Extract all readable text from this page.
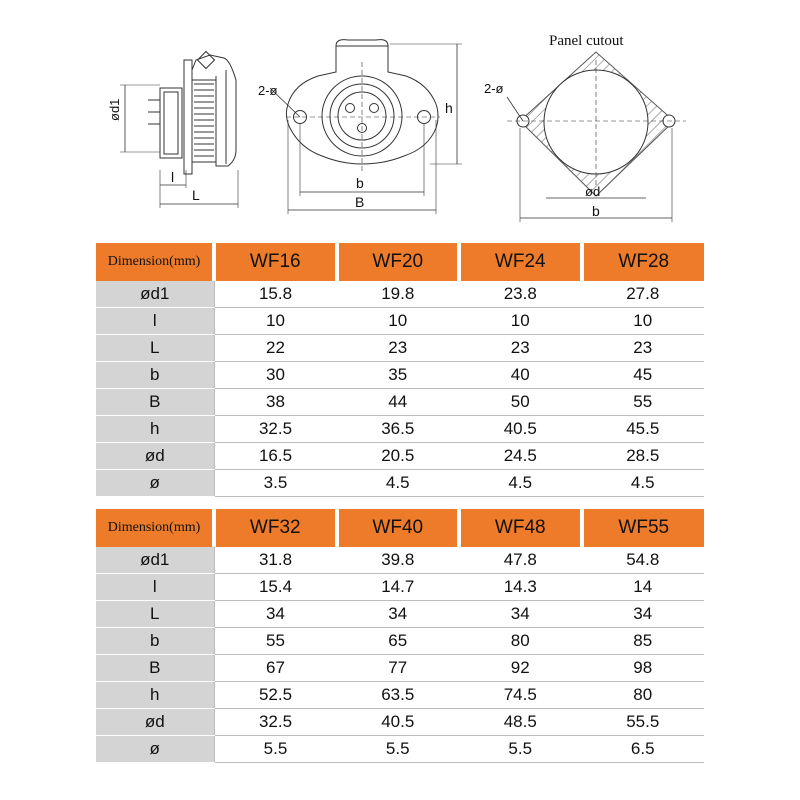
ød1
l
L
2-ø
h
b
B
Panel cutout
2-ø
ød
b
Dimension(mm)	WF16	WF20	WF24	WF28
ød1	15.8	19.8	23.8	27.8
l	10	10	10	10
L	22	23	23	23
b	30	35	40	45
B	38	44	50	55
h	32.5	36.5	40.5	45.5
ød	16.5	20.5	24.5	28.5
ø	3.5	4.5	4.5	4.5
Dimension(mm)	WF32	WF40	WF48	WF55
ød1	31.8	39.8	47.8	54.8
l	15.4	14.7	14.3	14
L	34	34	34	34
b	55	65	80	85
B	67	77	92	98
h	52.5	63.5	74.5	80
ød	32.5	40.5	48.5	55.5
ø	5.5	5.5	5.5	6.5
